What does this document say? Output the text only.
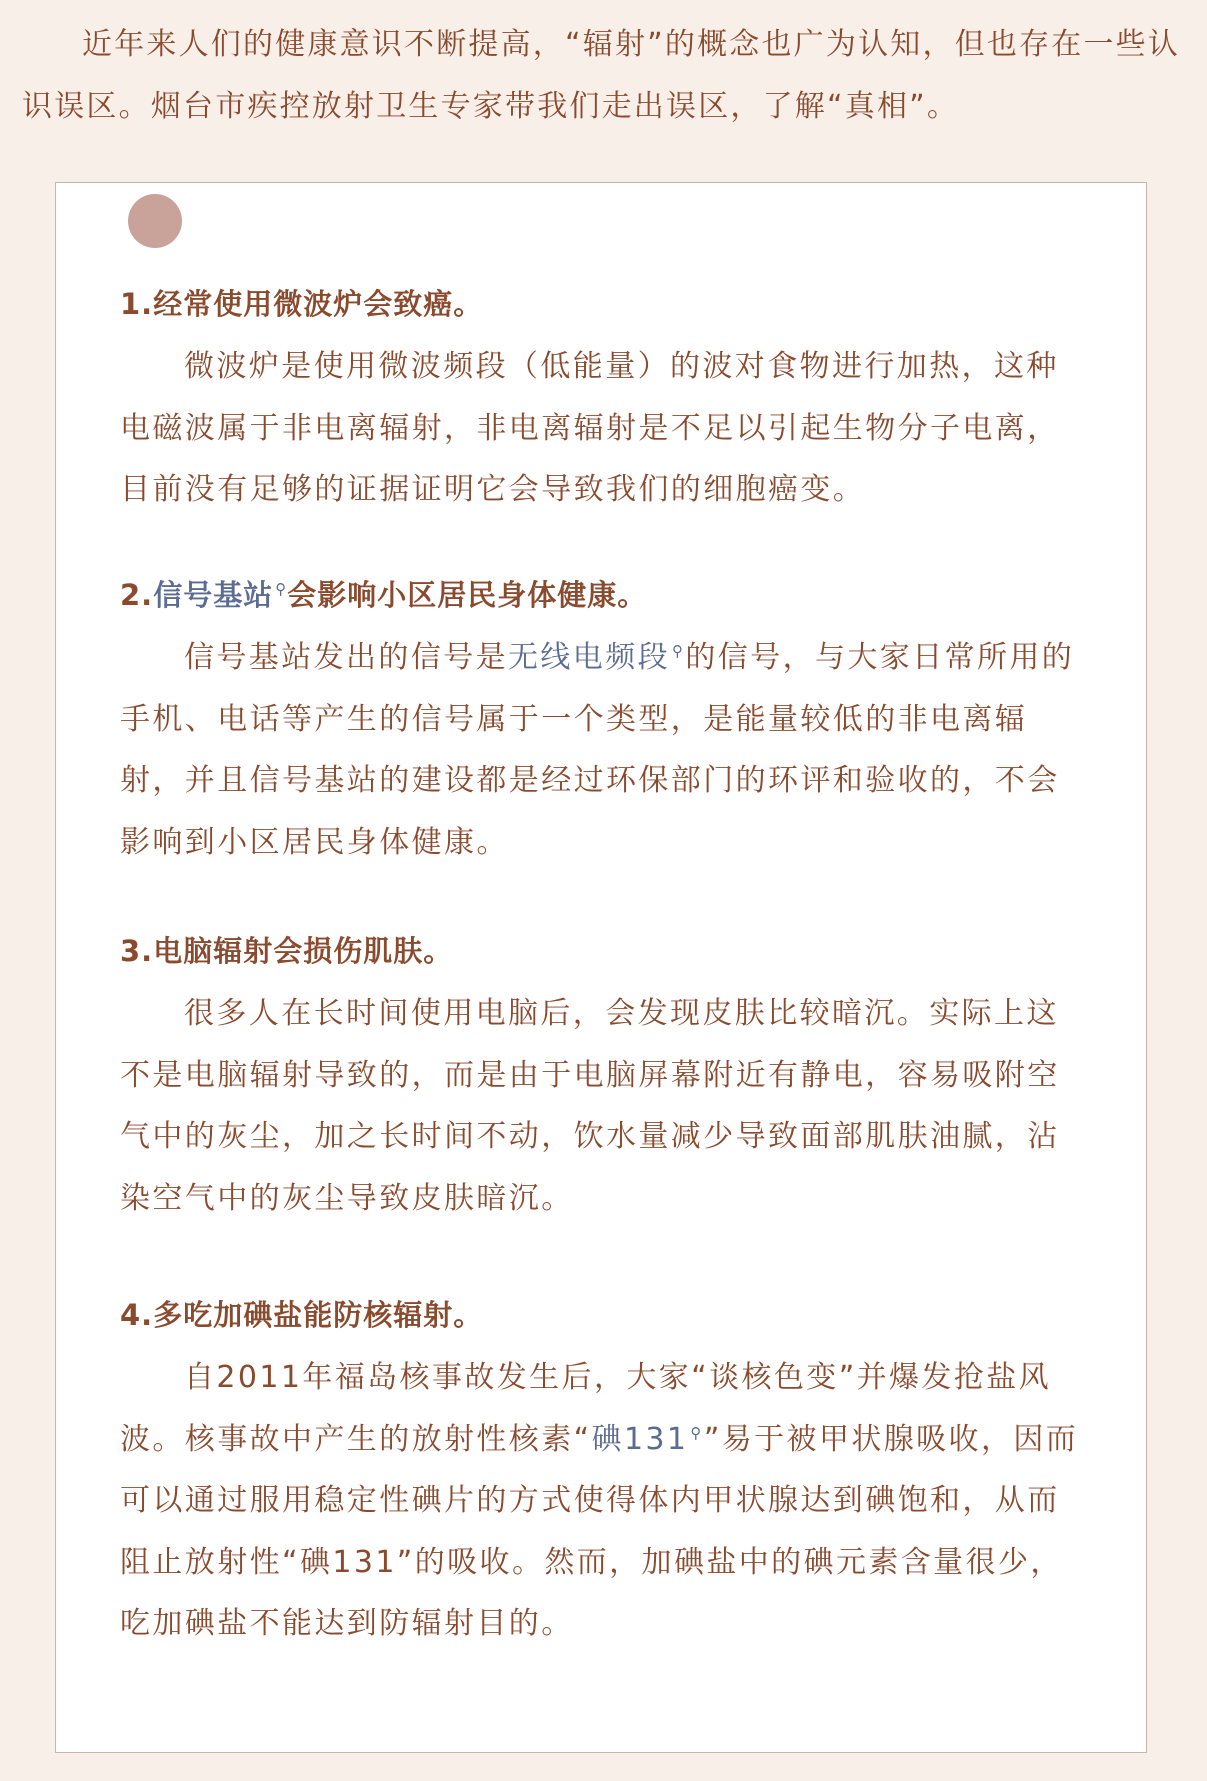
近年来人们的健康意识不断提高，“辐射”的概念也广为认知，但也存在一些认识误区。烟台市疾控放射卫生专家带我们走出误区，了解“真相”。

1.经常使用微波炉会致癌。

微波炉是使用微波频段（低能量）的波对食物进行加热，这种电磁波属于非电离辐射，非电离辐射是不足以引起生物分子电离，目前没有足够的证据证明它会导致我们的细胞癌变。

2.信号基站 ⚲会影响小区居民身体健康。

信号基站发出的信号是无线电频段 ⚲的信号，与大家日常所用的手机、电话等产生的信号属于一个类型，是能量较低的非电离辐射，并且信号基站的建设都是经过环保部门的环评和验收的，不会影响到小区居民身体健康。

3.电脑辐射会损伤肌肤。

很多人在长时间使用电脑后，会发现皮肤比较暗沉。实际上这不是电脑辐射导致的，而是由于电脑屏幕附近有静电，容易吸附空气中的灰尘，加之长时间不动，饮水量减少导致面部肌肤油腻，沾染空气中的灰尘导致皮肤暗沉。

4.多吃加碘盐能防核辐射。

自2011年福岛核事故发生后，大家“谈核色变”并爆发抢盐风波。核事故中产生的放射性核素“碘131 ⚲”易于被甲状腺吸收，因而可以通过服用稳定性碘片的方式使得体内甲状腺达到碘饱和，从而阻止放射性“碘131”的吸收。然而，加碘盐中的碘元素含量很少，吃加碘盐不能达到防辐射目的。
